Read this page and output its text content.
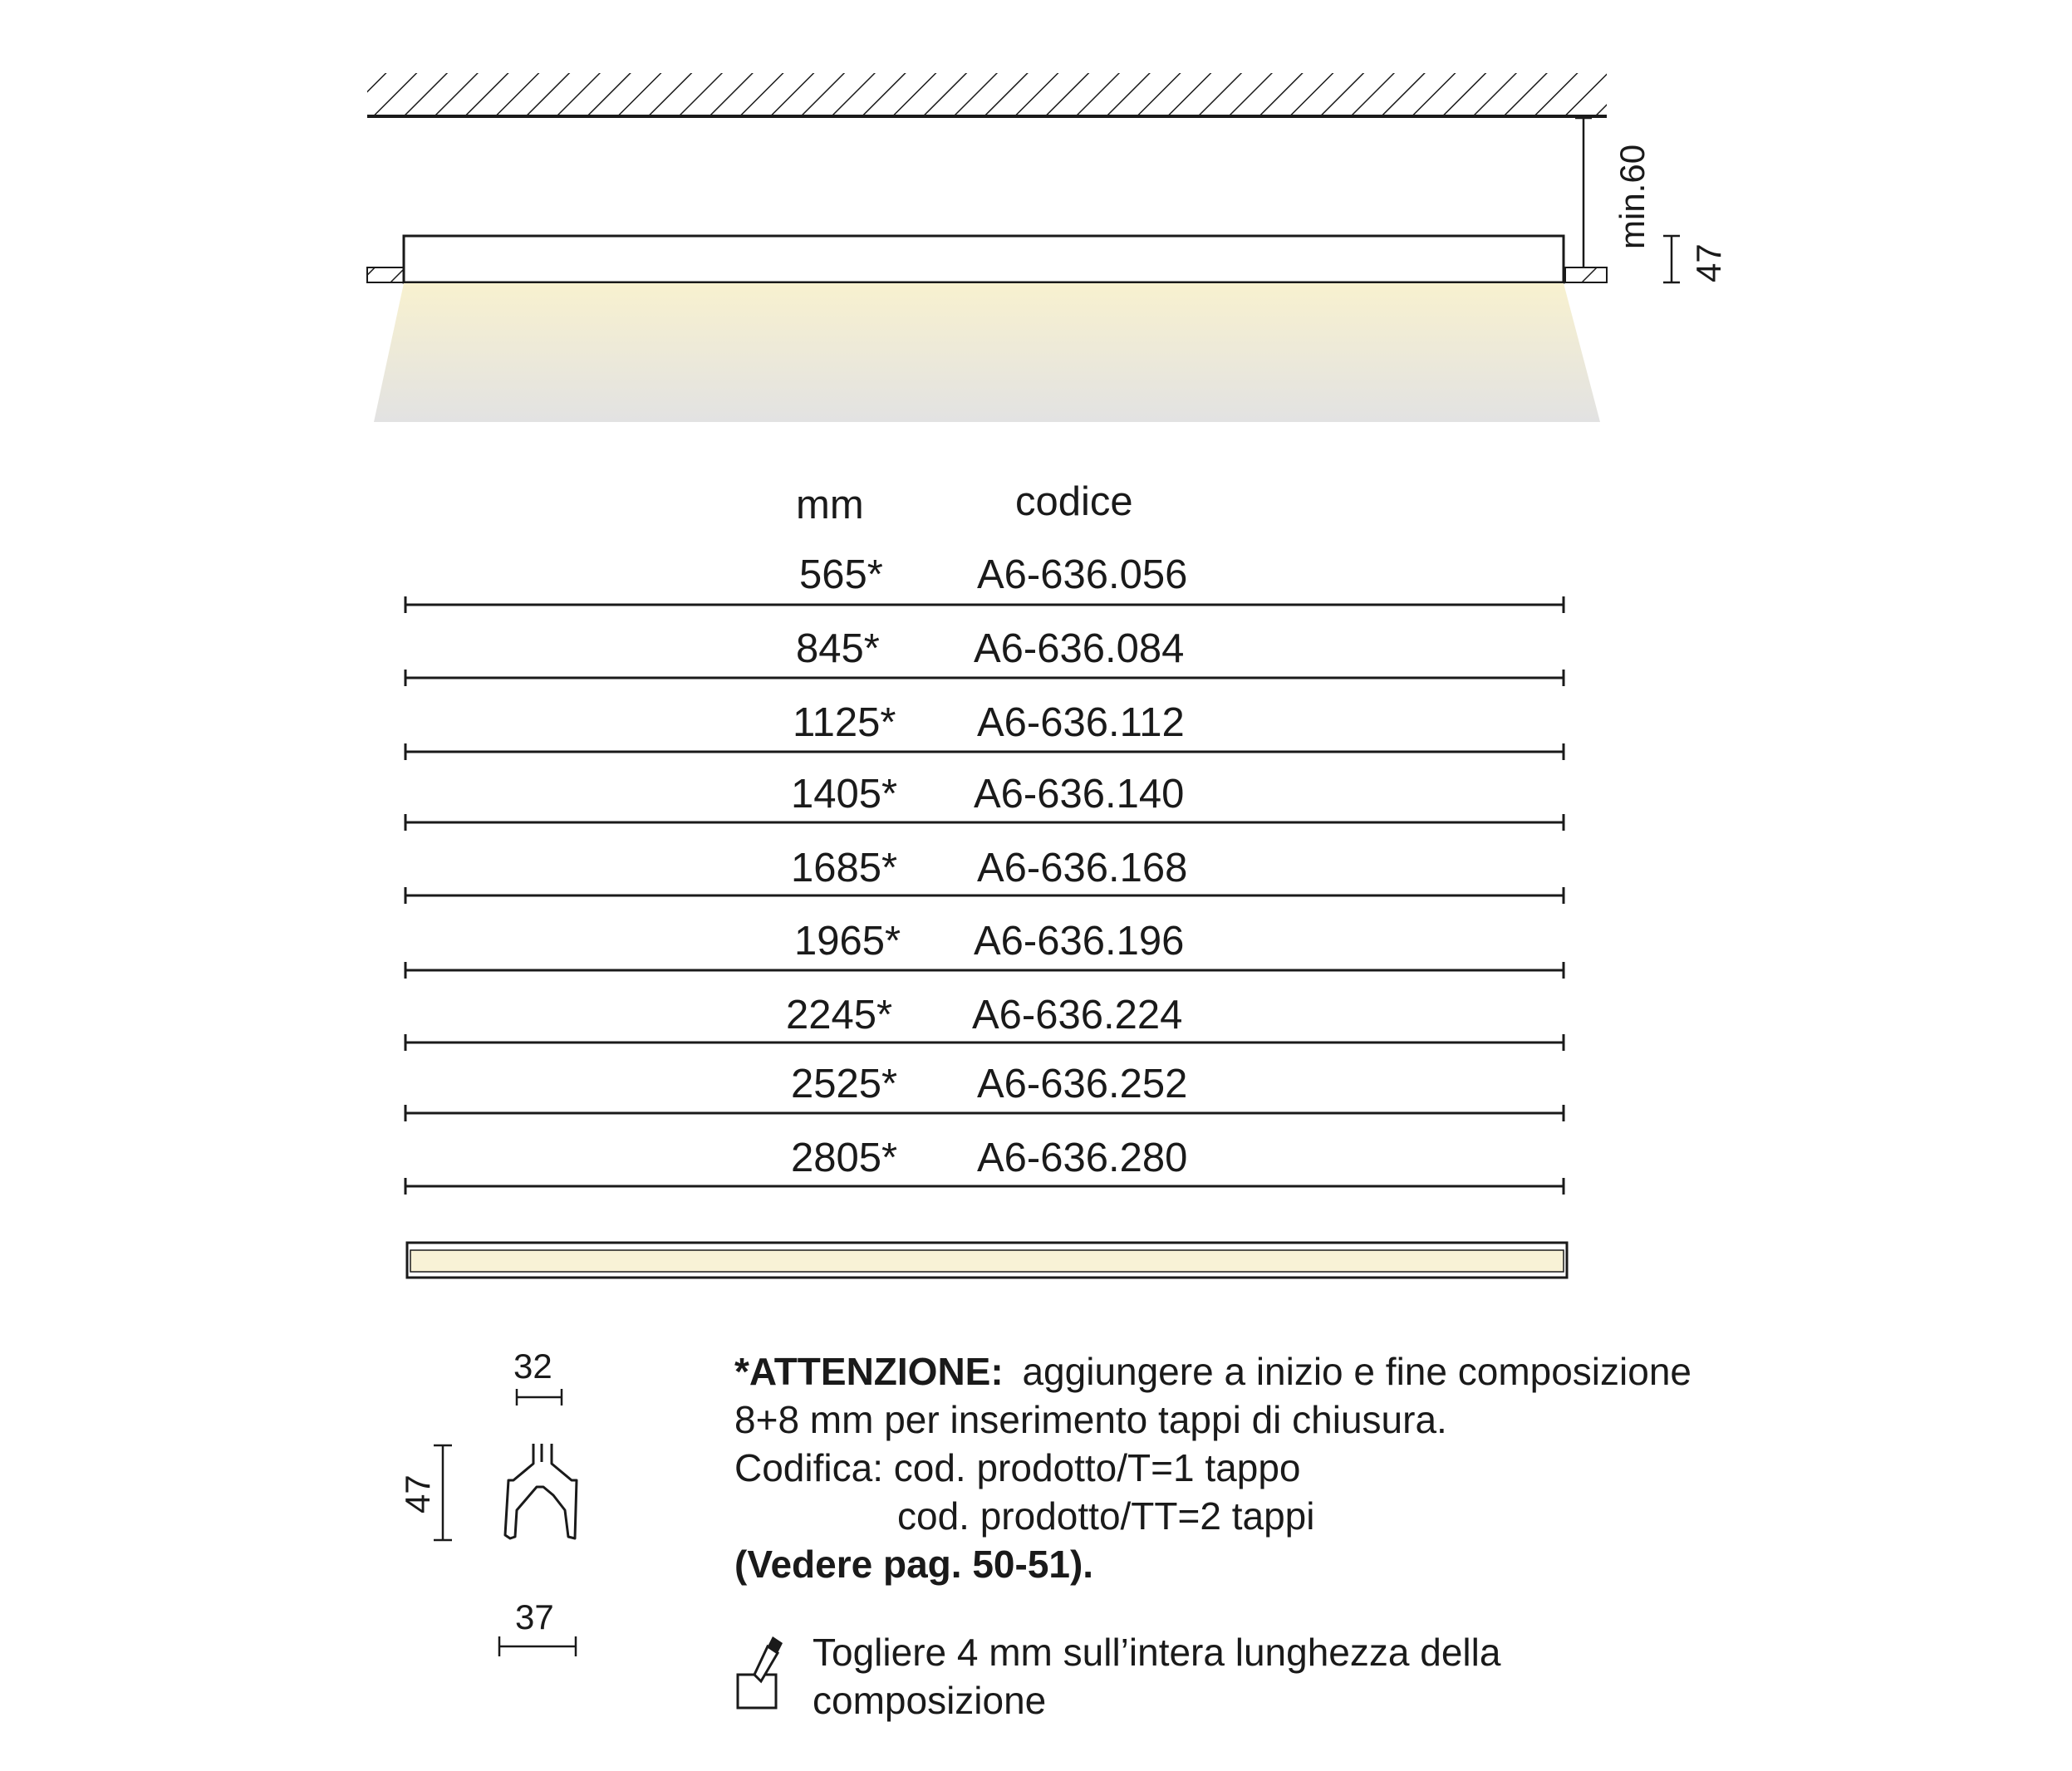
mm	codice
565* A6-636.056
845* A6-636.084
1125* A6-636.112
1405* A6-636.140
1685* A6-636.168
1965* A6-636.196
2245* A6-636.224
2525* A6-636.252
2805* A6-636.280
min.60
47
32
47
37
*ATTENZIONE: aggiungere a inizio e fine composizione
8+8 mm per inserimento tappi di chiusura.
Codifica: cod. prodotto/T=1 tappo
cod. prodotto/TT=2 tappi
(Vedere pag. 50-51).
Togliere 4 mm sull’intera lunghezza della
composizione
